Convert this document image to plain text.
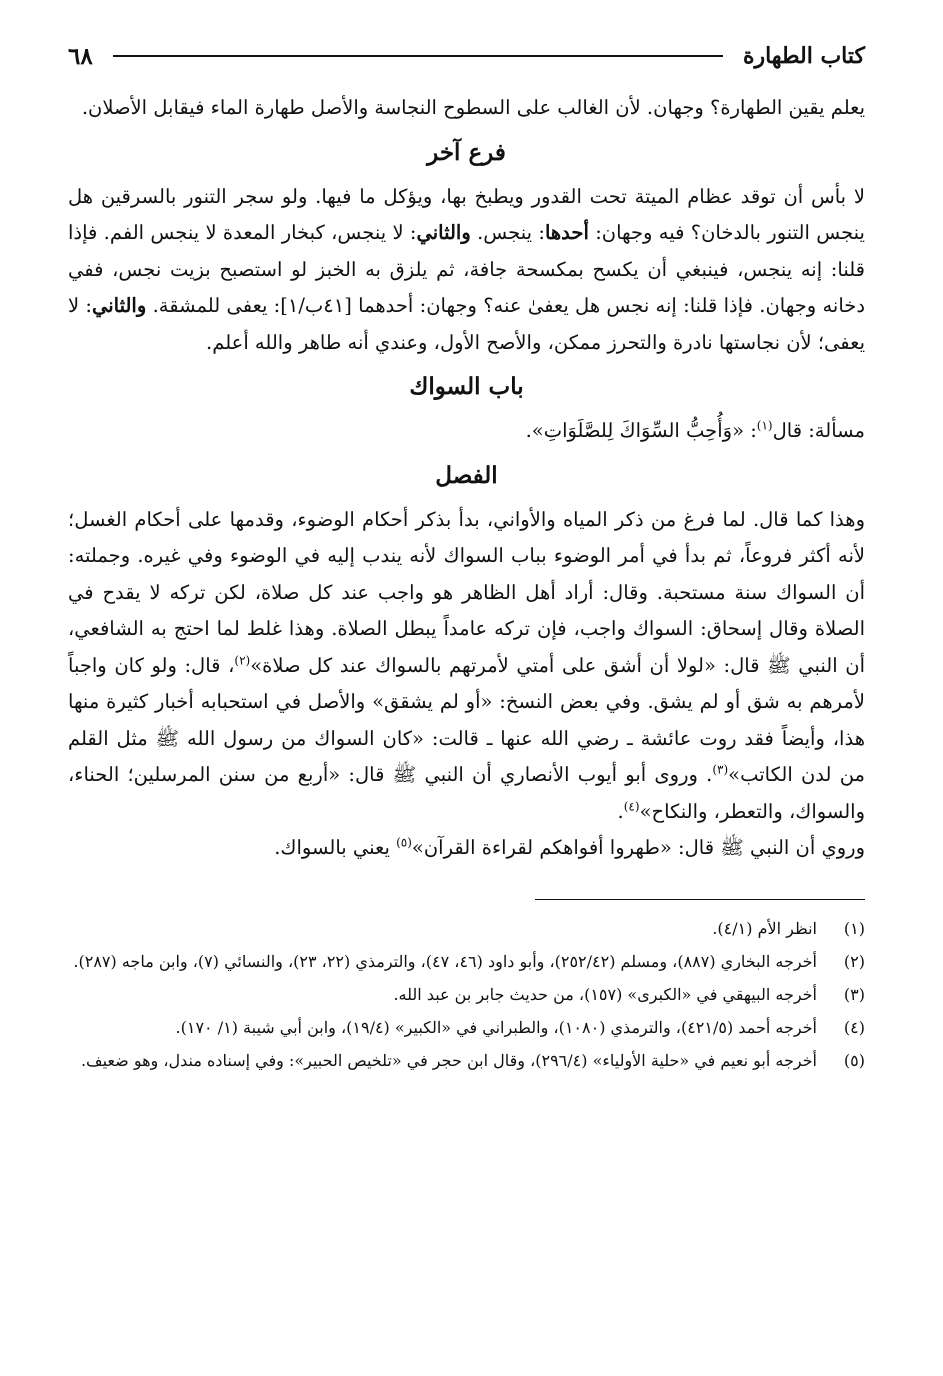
كتاب الطهارة
٦٨

يعلم يقين الطهارة؟ وجهان. لأن الغالب على السطوح النجاسة والأصل طهارة الماء فيقابل الأصلان.

فرع آخر

لا بأس أن توقد عظام الميتة تحت القدور ويطبخ بها، ويؤكل ما فيها. ولو سجر التنور بالسرقين هل ينجس التنور بالدخان؟ فيه وجهان: أحدها: ينجس. والثاني: لا ينجس، كبخار المعدة لا ينجس الفم. فإذا قلنا: إنه ينجس، فينبغي أن يكسح بمكسحة جافة، ثم يلزق به الخبز لو استصبح بزيت نجس، ففي دخانه وجهان. فإذا قلنا: إنه نجس هل يعفىٰ عنه؟ وجهان: أحدهما [٤١ب/١]: يعفى للمشقة. والثاني: لا يعفى؛ لأن نجاستها نادرة والتحرز ممكن، والأصح الأول، وعندي أنه طاهر والله أعلم.

باب السواك

مسألة: قال$^{(١)}$: «وَأُحِبُّ السِّوَاكَ لِلصَّلَوَاتِ».

الفصل

وهذا كما قال. لما فرغ من ذكر المياه والأواني، بدأ بذكر أحكام الوضوء، وقدمها على أحكام الغسل؛ لأنه أكثر فروعاً، ثم بدأ في أمر الوضوء بباب السواك لأنه يندب إليه في الوضوء وفي غيره. وجملته: أن السواك سنة مستحبة. وقال: أراد أهل الظاهر هو واجب عند كل صلاة، لكن تركه لا يقدح في الصلاة وقال إسحاق: السواك واجب، فإن تركه عامداً يبطل الصلاة. وهذا غلط لما احتج به الشافعي، أن النبي ﷺ قال: «لولا أن أشق على أمتي لأمرتهم بالسواك عند كل صلاة»$^{(٢)}$، قال: ولو كان واجباً لأمرهم به شق أو لم يشق. وفي بعض النسخ: «أو لم يشقق» والأصل في استحبابه أخبار كثيرة منها هذا، وأيضاً فقد روت عائشة ـ رضي الله عنها ـ قالت: «كان السواك من رسول الله ﷺ مثل القلم من لدن الكاتب»$^{(٣)}$. وروى أبو أيوب الأنصاري أن النبي ﷺ قال: «أربع من سنن المرسلين؛ الحناء، والسواك، والتعطر، والنكاح»$^{(٤)}$.

وروي أن النبي ﷺ قال: «طهروا أفواهكم لقراءة القرآن»$^{(٥)}$ يعني بالسواك.

(١)
انظر الأم (٤/١).
(٢)
أخرجه البخاري (٨٨٧)، ومسلم (٢٥٢/٤٢)، وأبو داود (٤٦، ٤٧)، والترمذي (٢٢، ٢٣)، والنسائي (٧)، وابن ماجه (٢٨٧).
(٣)
أخرجه البيهقي في «الكبرى» (١٥٧)، من حديث جابر بن عبد الله.
(٤)
أخرجه أحمد (٤٢١/٥)، والترمذي (١٠٨٠)، والطبراني في «الكبير» (١٩/٤)، وابن أبي شيبة (١/ ١٧٠).
(٥)
أخرجه أبو نعيم في «حلية الأولياء» (٢٩٦/٤)، وقال ابن حجر في «تلخيص الحبير»: وفي إسناده مندل، وهو ضعيف.
